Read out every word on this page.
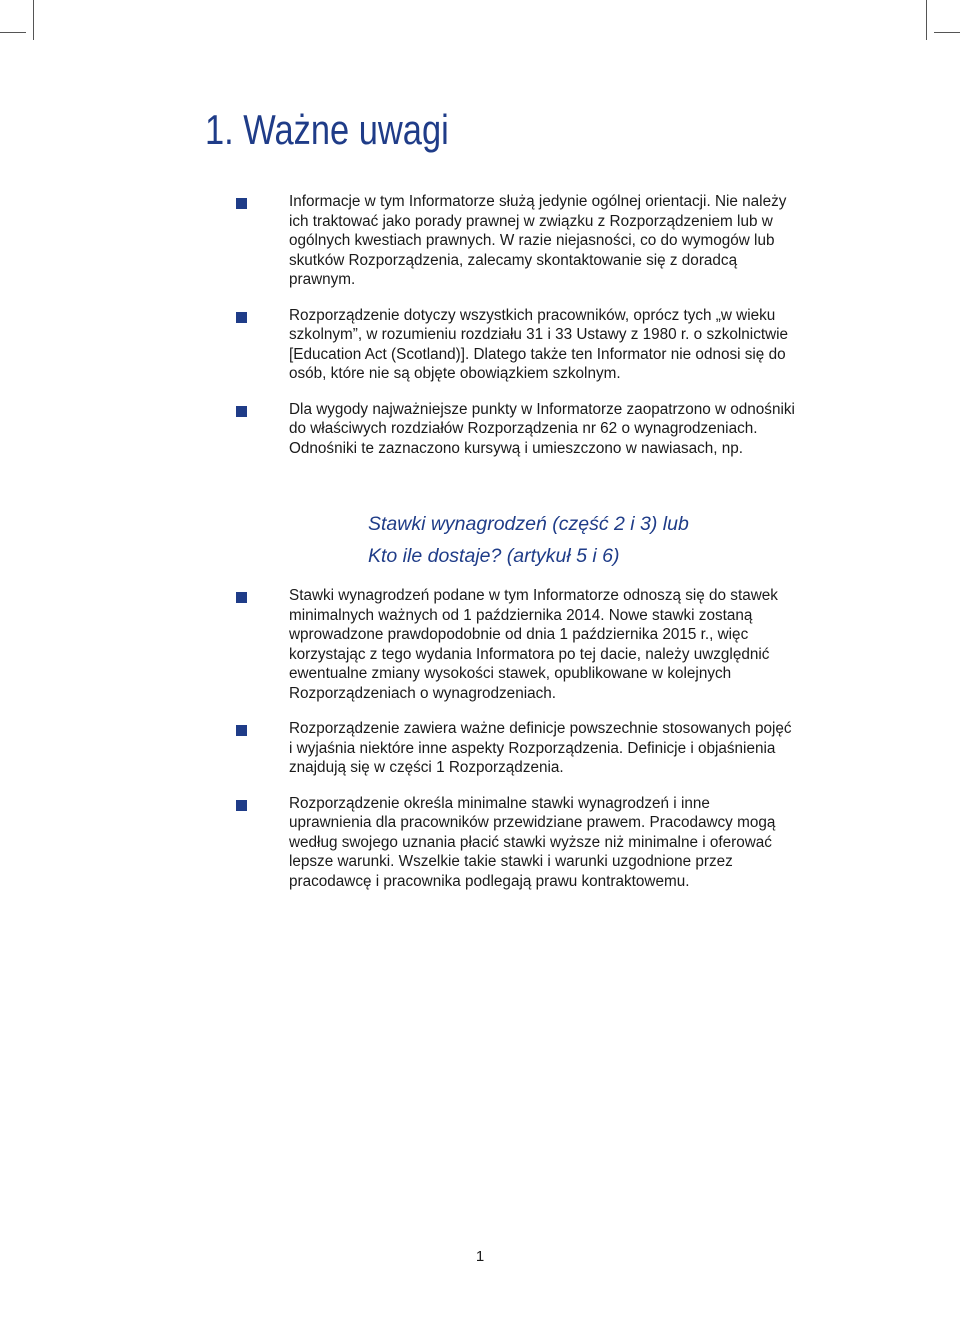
1. Ważne uwagi

Informacje w tym Informatorze służą jedynie ogólnej orientacji. Nie należy ich traktować jako porady prawnej w związku z Rozporządzeniem lub w ogólnych kwestiach prawnych. W razie niejasności, co do wymogów lub skutków Rozporządzenia, zalecamy skontaktowanie się z doradcą prawnym.

Rozporządzenie dotyczy wszystkich pracowników, oprócz tych „w wieku szkolnym”, w rozumieniu rozdziału 31 i 33 Ustawy z 1980 r. o szkolnictwie [Education Act (Scotland)]. Dlatego także ten Informator nie odnosi się do osób, które nie są objęte obowiązkiem szkolnym.

Dla wygody najważniejsze punkty w Informatorze zaopatrzono w odnośniki do właściwych rozdziałów Rozporządzenia nr 62 o wynagrodzeniach. Odnośniki te zaznaczono kursywą i umieszczono w nawiasach, np.

Stawki wynagrodzeń (część 2 i 3) lub
Kto ile dostaje? (artykuł 5 i 6)

Stawki wynagrodzeń podane w tym Informatorze odnoszą się do stawek minimalnych ważnych od 1 października 2014. Nowe stawki zostaną wprowadzone prawdopodobnie od dnia 1 października 2015 r., więc korzystając z tego wydania Informatora po tej dacie, należy uwzględnić ewentualne zmiany wysokości stawek, opublikowane w kolejnych Rozporządzeniach o wynagrodzeniach.

Rozporządzenie zawiera ważne definicje powszechnie stosowanych pojęć i wyjaśnia niektóre inne aspekty Rozporządzenia. Definicje i objaśnienia znajdują się w części 1 Rozporządzenia.

Rozporządzenie określa minimalne stawki wynagrodzeń i inne uprawnienia dla pracowników przewidziane prawem. Pracodawcy mogą według swojego uznania płacić stawki wyższe niż minimalne i oferować lepsze warunki. Wszelkie takie stawki i warunki uzgodnione przez pracodawcę i pracownika podlegają prawu kontraktowemu.

1
